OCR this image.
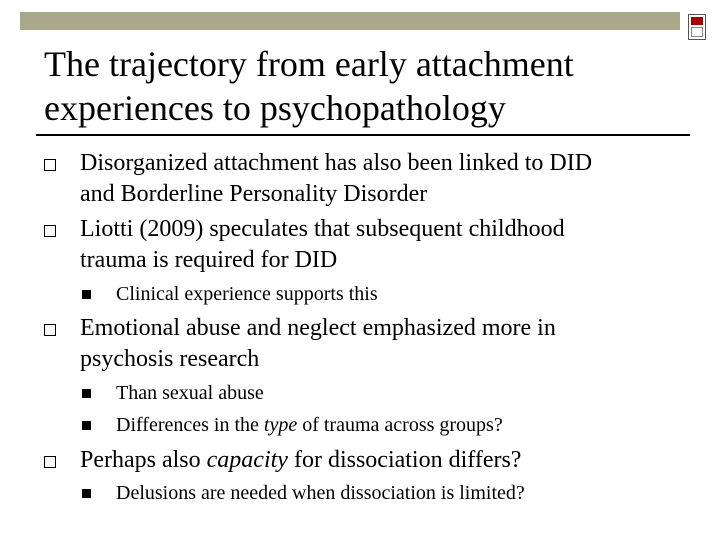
The trajectory from early attachment
experiences to psychopathology
Disorganized attachment has also been linked to DID
and Borderline Personality Disorder
Liotti (2009) speculates that subsequent childhood
trauma is required for DID
Clinical experience supports this
Emotional abuse and neglect emphasized more in
psychosis research
Than sexual abuse
Differences in the type of trauma across groups?
Perhaps also capacity for dissociation differs?
Delusions are needed when dissociation is limited?
